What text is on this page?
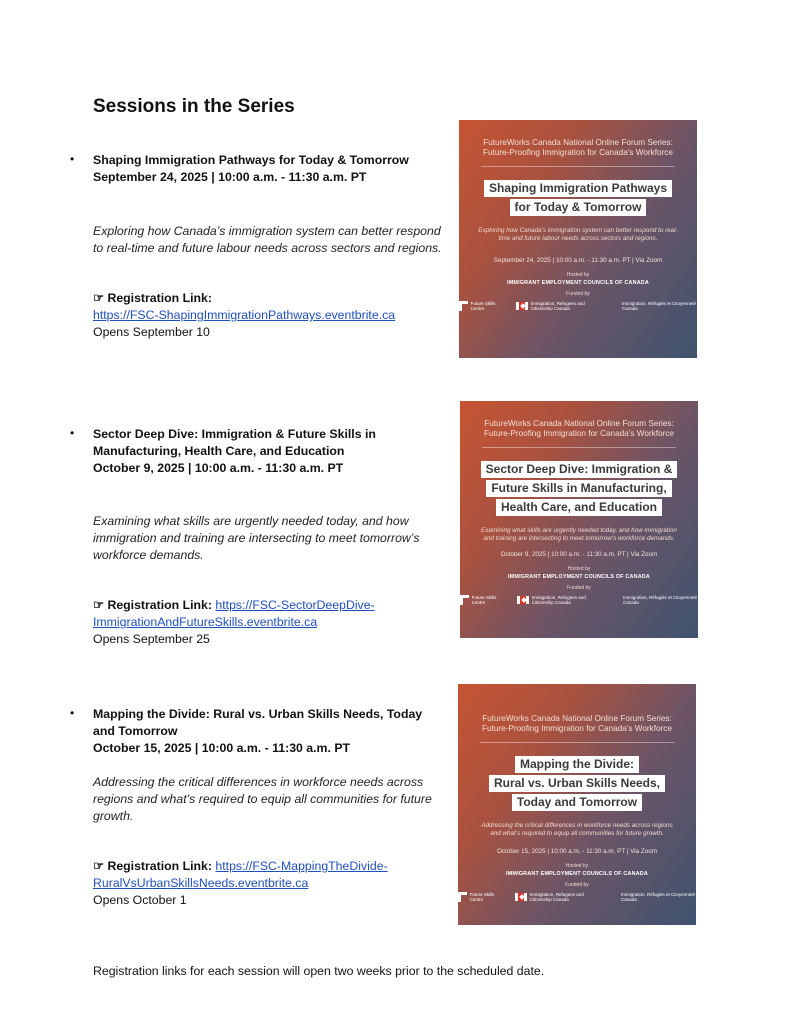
Sessions in the Series
• Shaping Immigration Pathways for Today & Tomorrow
September 24, 2025 | 10:00 a.m. - 11:30 a.m. PT
Exploring how Canada’s immigration system can better respond to real-time and future labour needs across sectors and regions.
☞ Registration Link:
https://FSC-ShapingImmigrationPathways.eventbrite.ca
Opens September 10
• Sector Deep Dive: Immigration & Future Skills in Manufacturing, Health Care, and Education
October 9, 2025 | 10:00 a.m. - 11:30 a.m. PT
Examining what skills are urgently needed today, and how immigration and training are intersecting to meet tomorrow’s workforce demands.
☞ Registration Link: https://FSC-SectorDeepDive-ImmigrationAndFutureSkills.eventbrite.ca
Opens September 25
• Mapping the Divide: Rural vs. Urban Skills Needs, Today and Tomorrow
October 15, 2025 | 10:00 a.m. - 11:30 a.m. PT
Addressing the critical differences in workforce needs across regions and what’s required to equip all communities for future growth.
☞ Registration Link: https://FSC-MappingTheDivide-RuralVsUrbanSkillsNeeds.eventbrite.ca
Opens October 1
FutureWorks Canada National Online Forum Series:
Future-Proofing Immigration for Canada’s Workforce
Shaping Immigration Pathways
for Today & Tomorrow
Exploring how Canada’s immigration system can better respond to real-time and future labour needs across sectors and regions.
September 24, 2025 | 10:00 a.m. - 11:30 a.m. PT | Via Zoom
Hosted by
IMMIGRANT EMPLOYMENT COUNCILS OF CANADA
Funded by
Future Skills Centre
Immigration, Refugees and Citizenship Canada
Immigration, Réfugiés et Citoyenneté Canada
FutureWorks Canada National Online Forum Series:
Future-Proofing Immigration for Canada’s Workforce
Sector Deep Dive: Immigration &
Future Skills in Manufacturing,
Health Care, and Education
Examining what skills are urgently needed today, and how immigration and training are intersecting to meet tomorrow’s workforce demands.
October 9, 2025 | 10:00 a.m. - 11:30 a.m. PT | Via Zoom
Hosted by
IMMIGRANT EMPLOYMENT COUNCILS OF CANADA
Funded by
Future Skills Centre
Immigration, Refugees and Citizenship Canada
Immigration, Réfugiés et Citoyenneté Canada
FutureWorks Canada National Online Forum Series:
Future-Proofing Immigration for Canada’s Workforce
Mapping the Divide:
Rural vs. Urban Skills Needs,
Today and Tomorrow
Addressing the critical differences in workforce needs across regions and what’s required to equip all communities for future growth.
October 15, 2025 | 10:00 a.m. - 11:30 a.m. PT | Via Zoom
Hosted by
IMMIGRANT EMPLOYMENT COUNCILS OF CANADA
Funded by
Future Skills Centre
Immigration, Refugees and Citizenship Canada
Immigration, Réfugiés et Citoyenneté Canada
Registration links for each session will open two weeks prior to the scheduled date.
